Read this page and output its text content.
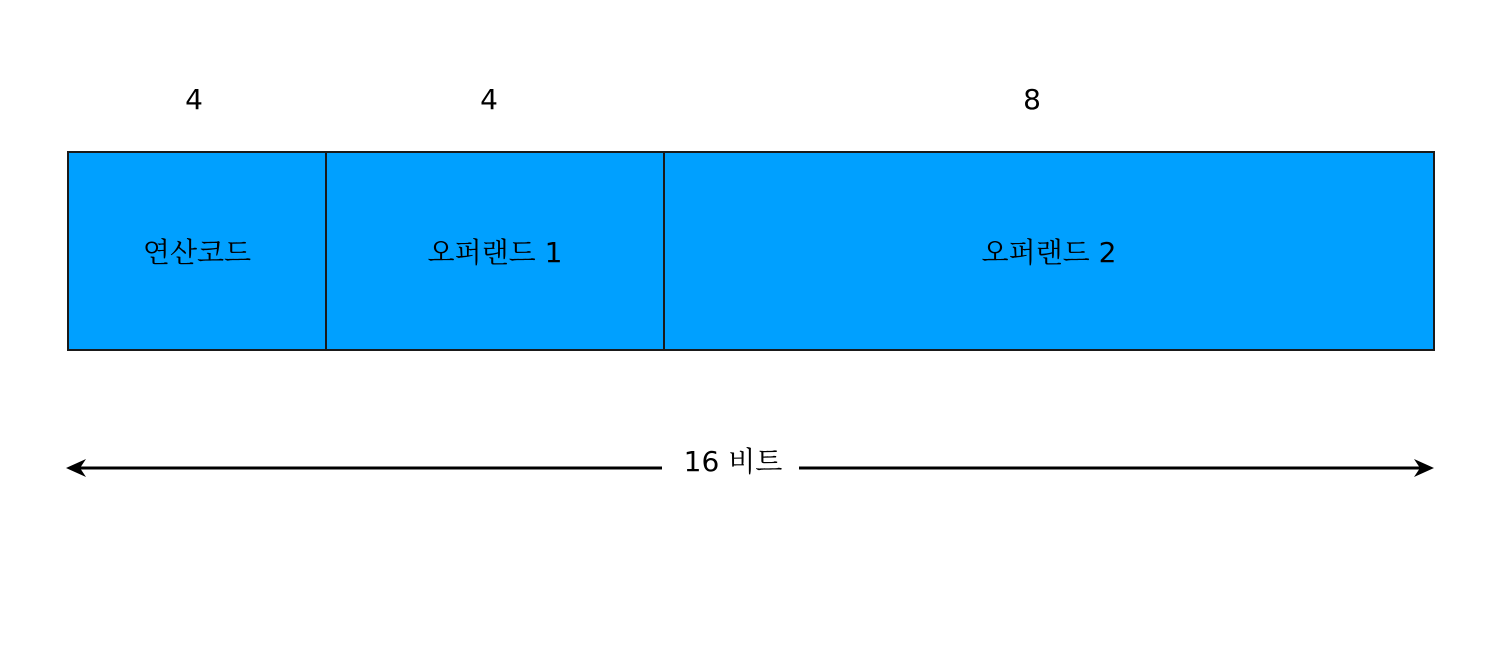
4	4	8
연산코드	오퍼랜드 1	오퍼랜드 2
16 비트
